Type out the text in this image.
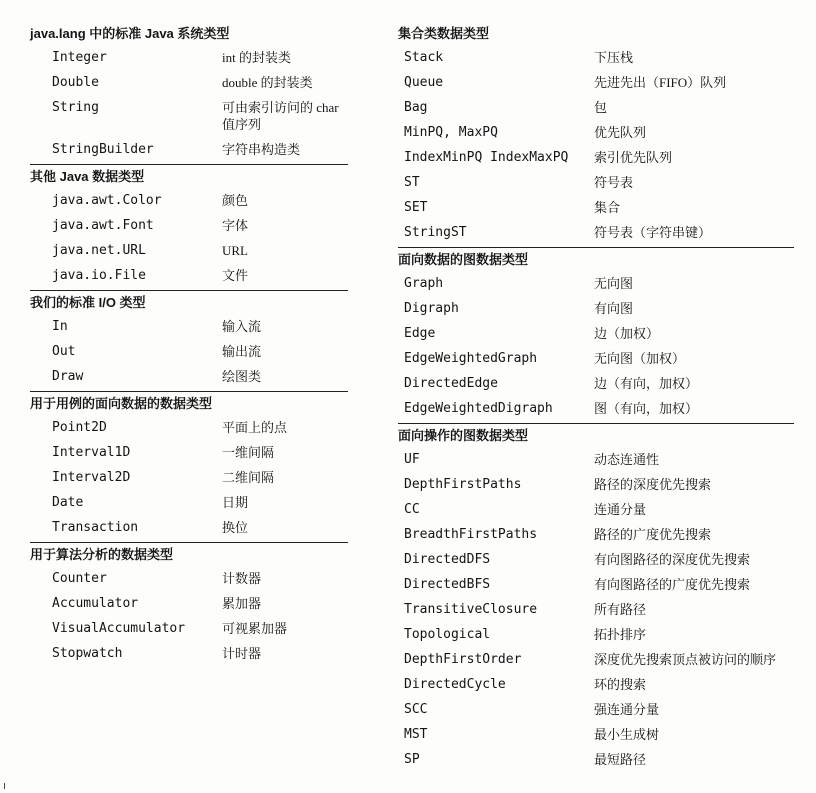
java.lang 中的标准 Java 系统类型
Integer	int 的封装类
Double	double 的封装类
String	可由索引访问的 char 值序列
StringBuilder	字符串构造类
其他 Java 数据类型
java.awt.Color	颜色
java.awt.Font	字体
java.net.URL	URL
java.io.File	文件
我们的标准 I/O 类型
In	输入流
Out	输出流
Draw	绘图类
用于用例的面向数据的数据类型
Point2D	平面上的点
Interval1D	一维间隔
Interval2D	二维间隔
Date	日期
Transaction	换位
用于算法分析的数据类型
Counter	计数器
Accumulator	累加器
VisualAccumulator	可视累加器
Stopwatch	计时器
集合类数据类型
Stack	下压栈
Queue	先进先出（FIFO）队列
Bag	包
MinPQ, MaxPQ	优先队列
IndexMinPQ IndexMaxPQ	索引优先队列
ST	符号表
SET	集合
StringST	符号表（字符串键）
面向数据的图数据类型
Graph	无向图
Digraph	有向图
Edge	边（加权）
EdgeWeightedGraph	无向图（加权）
DirectedEdge	边（有向，加权）
EdgeWeightedDigraph	图（有向，加权）
面向操作的图数据类型
UF	动态连通性
DepthFirstPaths	路径的深度优先搜索
CC	连通分量
BreadthFirstPaths	路径的广度优先搜索
DirectedDFS	有向图路径的深度优先搜索
DirectedBFS	有向图路径的广度优先搜索
TransitiveClosure	所有路径
Topological	拓扑排序
DepthFirstOrder	深度优先搜索顶点被访问的顺序
DirectedCycle	环的搜索
SCC	强连通分量
MST	最小生成树
SP	最短路径
